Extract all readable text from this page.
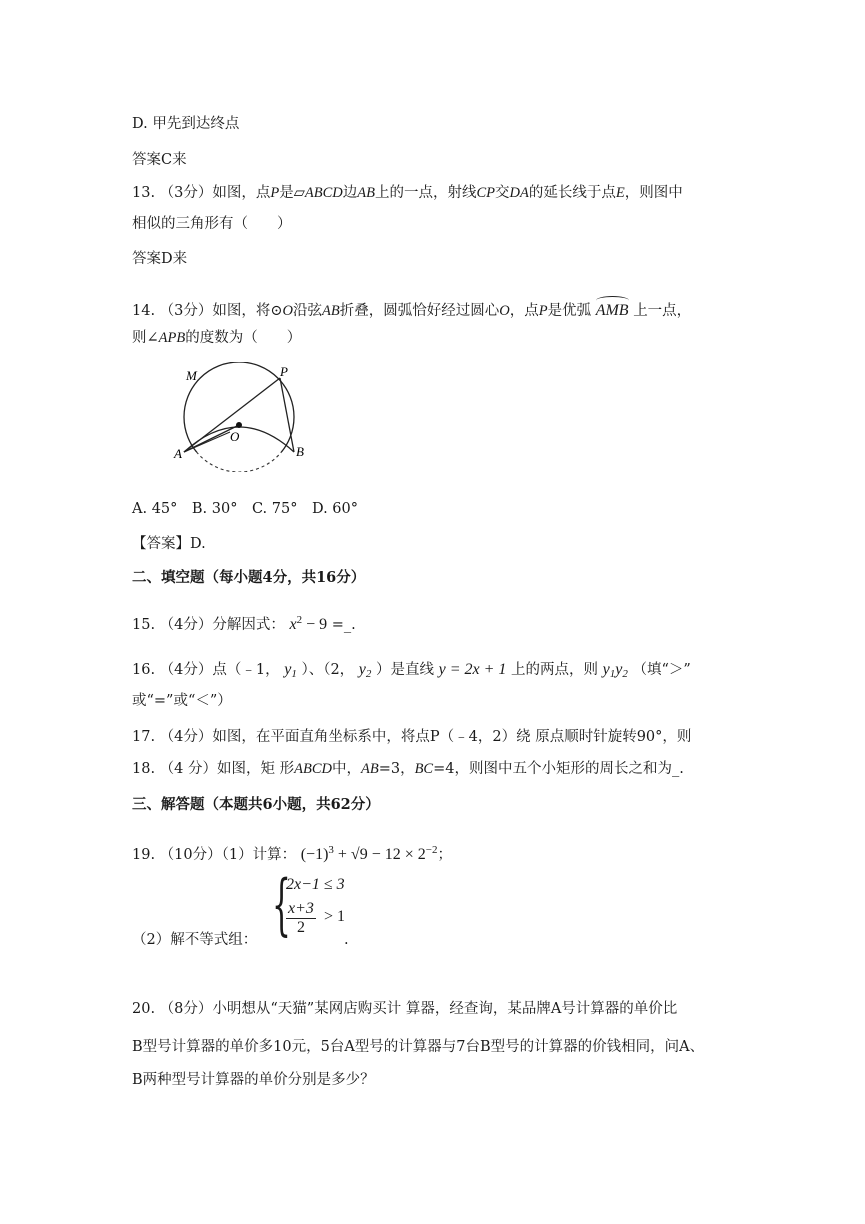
D. 甲先到达终点
答案C来
13. （3分）如图，点P是▱ABCD边AB上的一点，射线CP交DA的延长线于点E，则图中
相似的三角形有（　　）
答案D来
14. （3分）如图，将⊙O沿弦AB折叠，圆弧恰好经过圆心O，点P是优弧 AMB 上一点，
则∠APB的度数为（　　）
M	P
O
A	B
A. 45°　B. 30°　C. 75°　D. 60°
【答案】D.
二、填空题（每小题4分，共16分）
15. （4分）分解因式： $x^2 - 9$ =_.
16. （4分）点（﹣1， $y_1$ ）、（2， $y_2$ ）是直线 y = 2x + 1 上的两点，则 $y_1y_2$ （填“＞”
或“=”或“＜”）
17. （4分）如图，在平面直角坐标系中，将点P（﹣4，2）绕 原点顺时针旋转90°，则
18. （4 分）如图，矩 形ABCD中，AB=3，BC=4，则图中五个小矩形的周长之和为_.
三、解答题（本题共6小题，共62分）
19. （10分）（1）计算： $(-1)^3 + √9 - 12 \times 2^{-2}$；
（2）解不等式组： {
2x−1 ≤ 3
$\frac{x+3}{2} > 1$
.
20. （8分）小明想从“天猫”某网店购买计 算器，经查询，某品牌A号计算器的单价比
B型号计算器的单价多10元，5台A型号的计算器与7台B型号的计算器的价钱相同，问A、
B两种型号计算器的单价分别是多少？
